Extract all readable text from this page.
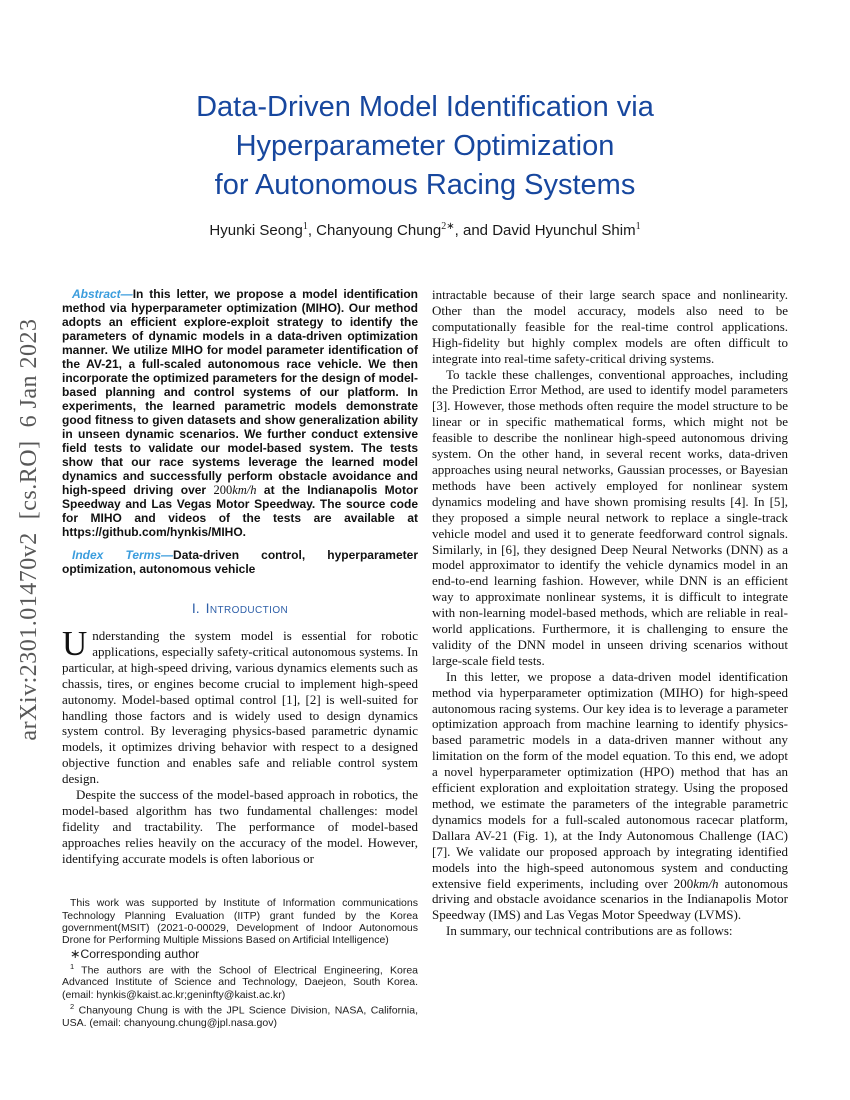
arXiv:2301.01470v2  [cs.RO]  6 Jan 2023
Data-Driven Model Identification via
Hyperparameter Optimization
for Autonomous Racing Systems
Hyunki Seong$^1$, Chanyoung Chung$^{2∗}$, and David Hyunchul Shim$^1$

Abstract—In this letter, we propose a model identification method via hyperparameter optimization (MIHO). Our method adopts an efficient explore-exploit strategy to identify the parameters of dynamic models in a data-driven optimization manner. We utilize MIHO for model parameter identification of the AV-21, a full-scaled autonomous race vehicle. We then incorporate the optimized parameters for the design of model-based planning and control systems of our platform. In experiments, the learned parametric models demonstrate good fitness to given datasets and show generalization ability in unseen dynamic scenarios. We further conduct extensive field tests to validate our model-based system. The tests show that our race systems leverage the learned model dynamics and successfully perform obstacle avoidance and high-speed driving over 200km/h at the Indianapolis Motor Speedway and Las Vegas Motor Speedway. The source code for MIHO and videos of the tests are available at https://github.com/hynkis/MIHO.

Index Terms—Data-driven control, hyperparameter optimization, autonomous vehicle

I. Introduction

Understanding the system model is essential for robotic applications, especially safety-critical autonomous systems. In particular, at high-speed driving, various dynamics elements such as chassis, tires, or engines become crucial to implement high-speed autonomy. Model-based optimal control [1], [2] is well-suited for handling those factors and is widely used to design dynamics system control. By leveraging physics-based parametric dynamic models, it optimizes driving behavior with respect to a designed objective function and enables safe and reliable control system design.

Despite the success of the model-based approach in robotics, the model-based algorithm has two fundamental challenges: model fidelity and tractability. The performance of model-based approaches relies heavily on the accuracy of the model. However, identifying accurate models is often laborious or

This work was supported by Institute of Information communications Technology Planning Evaluation (IITP) grant funded by the Korea government(MSIT) (2021-0-00029, Development of Indoor Autonomous Drone for Performing Multiple Missions Based on Artificial Intelligence)

∗Corresponding author

$^1$ The authors are with the School of Electrical Engineering, Korea Advanced Institute of Science and Technology, Daejeon, South Korea. (email: hynkis@kaist.ac.kr;geninfty@kaist.ac.kr)

$^2$ Chanyoung Chung is with the JPL Science Division, NASA, California, USA. (email: chanyoung.chung@jpl.nasa.gov)

intractable because of their large search space and nonlinearity. Other than the model accuracy, models also need to be computationally feasible for the real-time control applications. High-fidelity but highly complex models are often difficult to integrate into real-time safety-critical driving systems.

To tackle these challenges, conventional approaches, including the Prediction Error Method, are used to identify model parameters [3]. However, those methods often require the model structure to be linear or in specific mathematical forms, which might not be feasible to describe the nonlinear high-speed autonomous driving system. On the other hand, in several recent works, data-driven approaches using neural networks, Gaussian processes, or Bayesian methods have been actively employed for nonlinear system dynamics modeling and have shown promising results [4]. In [5], they proposed a simple neural network to replace a single-track vehicle model and used it to generate feedforward control signals. Similarly, in [6], they designed Deep Neural Networks (DNN) as a model approximator to identify the vehicle dynamics model in an end-to-end learning fashion. However, while DNN is an efficient way to approximate nonlinear systems, it is difficult to integrate with non-learning model-based methods, which are reliable in real-world applications. Furthermore, it is challenging to ensure the validity of the DNN model in unseen driving scenarios without large-scale field tests.

In this letter, we propose a data-driven model identification method via hyperparameter optimization (MIHO) for high-speed autonomous racing systems. Our key idea is to leverage a parameter optimization approach from machine learning to identify physics-based parametric models in a data-driven manner without any limitation on the form of the model equation. To this end, we adopt a novel hyperparameter optimization (HPO) method that has an efficient exploration and exploitation strategy. Using the proposed method, we estimate the parameters of the integrable parametric dynamics models for a full-scaled autonomous racecar platform, Dallara AV-21 (Fig. 1), at the Indy Autonomous Challenge (IAC) [7]. We validate our proposed approach by integrating identified models into the high-speed autonomous system and conducting extensive field experiments, including over 200km/h autonomous driving and obstacle avoidance scenarios in the Indianapolis Motor Speedway (IMS) and Las Vegas Motor Speedway (LVMS).

In summary, our technical contributions are as follows:
